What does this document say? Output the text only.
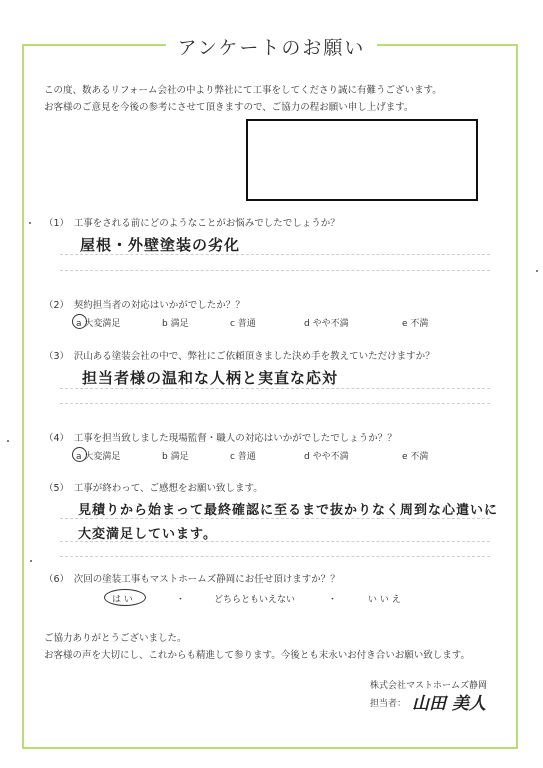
アンケートのお願い
この度、数あるリフォーム会社の中より弊社にて工事をしてくださり誠に有難うございます。
お客様のご意見を今後の参考にさせて頂きますので、ご協力の程お願い申し上げます。
（1）　工事をされる前にどのようなことがお悩みでしたでしょうか？
屋根・外壁塗装の劣化
（2）　契約担当者の対応はいかがでしたか？？
a 大変満足	b 満足	c 普通	d やや不満	e 不満
（3）　沢山ある塗装会社の中で、弊社にご依頼頂きました決め手を教えていただけますか？
担当者様の温和な人柄と実直な応対
（4）　工事を担当致しました現場監督・職人の対応はいかがでしたでしょうか？？
a 大変満足	b 満足	c 普通	d やや不満	e 不満
（5）　工事が終わって、ご感想をお願い致します。
見積りから始まって最終確認に至るまで抜かりなく周到な心遣いに
大変満足しています。
（6）　次回の塗装工事もマストホームズ静岡にお任せ頂けますか？？
は い	・	どちらともいえない	・	い い え
ご協力ありがとうございました。
お客様の声を大切にし、これからも精進して参ります。今後とも末永いお付き合いお願い致します。
株式会社マストホームズ静岡
担当者： 山田 美人
